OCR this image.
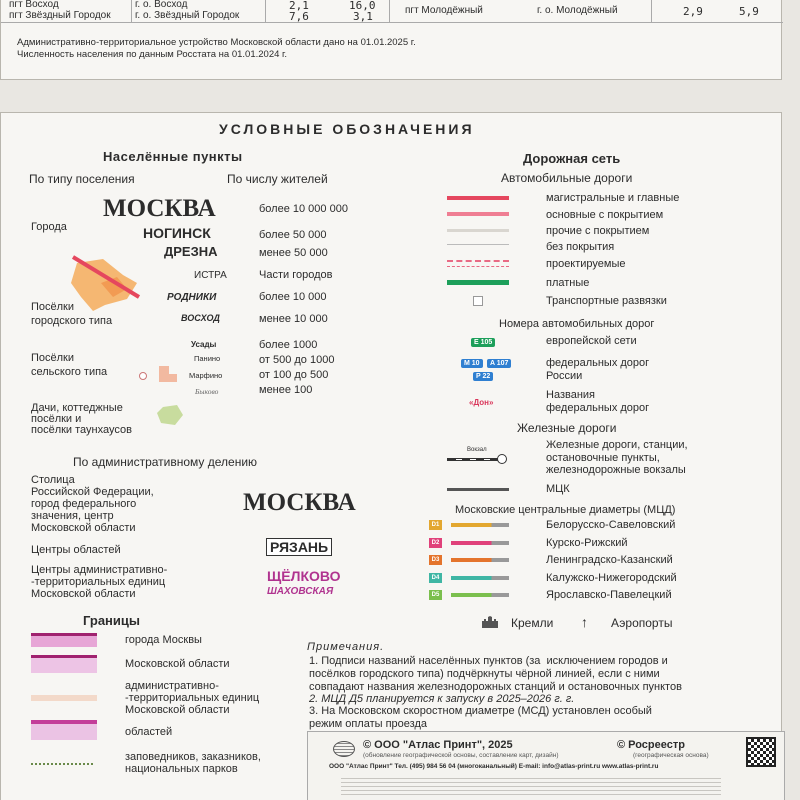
пгт Восход	г. о. Восход	2,1	16,0
пгт Звёздный Городок г. о. Звёздный Городок	7,6	3,1	пгт Молодёжный	г. о. Молодёжный	2,9	5,9
Административно-территориальное устройство Московской области дано на 01.01.2025 г.
Численность населения по данным Росстата на 01.01.2024 г.
УСЛОВНЫЕ ОБОЗНАЧЕНИЯ
Населённые пункты
По типу поселения	По числу жителей
Города
МОСКВА
НОГИНСК
ДРЕЗНА
ИСТРА
РОДНИКИ
ВОСХОД
Усады
Панино
Марфино
Быково
более 10 000 000
более 50 000
менее 50 000
Части городов
более 10 000
менее 10 000
более 1000
от 500 до 1000
от 100 до 500
менее 100
Посёлки
городского типа
Посёлки
сельского типа
Дачи, коттеджные
посёлки и
посёлки таунхаусов
По административному делению
Столица
Российской Федерации,
город федерального
значения, центр
Московской области
МОСКВА
Центры областей	РЯЗАНЬ
Центры административно-
-территориальных единиц
Московской области
ЩЁЛКОВО
ШАХОВСКАЯ
Границы
города Москвы
Московской области
административно-
-территориальных единиц
Московской области
областей
заповедников, заказников,
национальных парков
Дорожная сеть
Автомобильные дороги
магистральные и главные
основные с покрытием
прочие с покрытием
без покрытия
проектируемые
платные
Транспортные развязки
Номера автомобильных дорог
E 105	европейской сети
M 10	A 107
P 22
федеральных дорог
России
«Дон»
Названия
федеральных дорог
Железные дороги
Вокзал	Железные дороги, станции,
остановочные пункты,
железнодорожные вокзалы
МЦК
Московские центральные диаметры (МЦД)
D1	Белорусско-Савеловский
D2	Курско-Рижский
D3	Ленинградско-Казанский
D4	Калужско-Нижегородский
D5	Ярославско-Павелецкий
Кремли ↑ Аэропорты
Примечания.
1. Подписи названий населённых пунктов (за  исключением городов и
посёлков городского типа) подчёркнуты чёрной линией, если с ними
совпадают названия железнодорожных станций и остановочных пунктов
2. МЦД Д5 планируется к запуску в 2025–2026 г. г.
3. На Московском скоростном диаметре (МСД) установлен особый
режим оплаты проезда
© ООО "Атлас Принт", 2025
(обновление географической основы, составление карт, дизайн)
© Росреестр
(географическая основа)
ООО "Атлас Принт" Тел. (495) 984 56 04 (многоканальный) E-mail: info@atlas-print.ru www.atlas-print.ru
